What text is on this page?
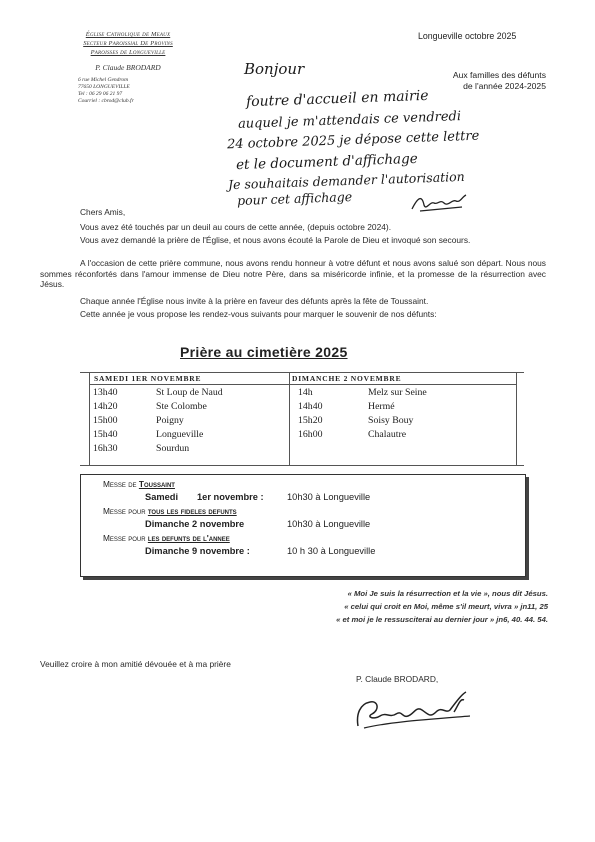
Église Catholique de Meaux
Secteur Paroissial De Provins
Paroisses de Longueville
P. Claude BRODARD
6 rue Michel Gendrom
77650 LONGUEVILLE
Tel : 06 29 06 21 97
Courriel : cbrod@club.fr
Longueville octobre 2025
Aux familles des défunts
de l'année 2024-2025
Bonjour
foutre d'accueil en mairie
auquel je m'attendais ce vendredi
24 octobre 2025 je dépose cette lettre
et le document d'affichage
Je souhaitais demander l'autorisation
pour cet affichage
Chers Amis,
Vous avez été touchés par un deuil au cours de cette année, (depuis octobre 2024).
Vous avez demandé la prière de l'Église, et nous avons écouté la Parole de Dieu et invoqué son secours.
A l'occasion de cette prière commune, nous avons rendu honneur à votre défunt et nous avons salué son départ. Nous nous sommes réconfortés dans l'amour immense de Dieu notre Père, dans sa miséricorde infinie, et la promesse de la résurrection avec Jésus.
Chaque année l'Église nous invite à la prière en faveur des défunts après la fête de Toussaint.
Cette année je vous propose les rendez-vous suivants pour marquer le souvenir de nos défunts:
Prière au cimetière 2025
SAMEDI 1ER NOVEMBRE
13h40	St Loup de Naud
14h20	Ste Colombe
15h00	Poigny
15h40	Longueville
16h30	Sourdun
DIMANCHE 2 NOVEMBRE
14h	Melz sur Seine
14h40	Hermé
15h20	Soisy Bouy
16h00	Chalautre
Messe de Toussaint
Samedi 1er novembre :	10h30 à Longueville
Messe pour tous les fideles defunts
Dimanche 2 novembre	10h30 à Longueville
Messe pour les defunts de l'annee
Dimanche 9 novembre :	10 h 30 à Longueville
« Moi Je suis la résurrection et la vie », nous dit Jésus.
« celui qui croit en Moi, même s'il meurt, vivra » jn11, 25
« et moi je le ressusciterai au dernier jour » jn6, 40. 44. 54.
Veuillez croire à mon amitié dévouée et à ma prière
P. Claude BRODARD,
